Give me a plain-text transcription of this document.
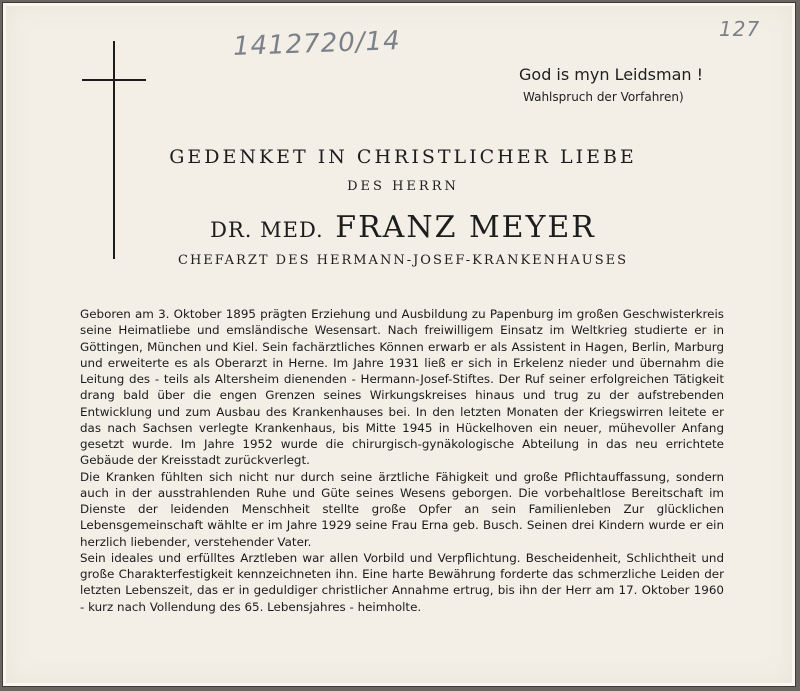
1412720/14	127
God is myn Leidsman !
Wahlspruch der Vorfahren)
GEDENKET IN CHRISTLICHER LIEBE
DES HERRN
DR. MED. FRANZ MEYER
CHEFARZT DES HERMANN-JOSEF-KRANKENHAUSES

Geboren am 3. Oktober 1895 prägten Erziehung und Ausbildung zu Papenburg im großen Geschwisterkreis seine Heimatliebe und emsländische Wesensart. Nach freiwilligem Einsatz im Weltkrieg studierte er in Göttingen, München und Kiel. Sein fachärztliches Können erwarb er als Assistent in Hagen, Berlin, Marburg und erweiterte es als Oberarzt in Herne. Im Jahre 1931 ließ er sich in Erkelenz nieder und übernahm die Leitung des - teils als Altersheim dienenden - Hermann-Josef-Stiftes. Der Ruf seiner erfolgreichen Tätigkeit drang bald über die engen Grenzen seines Wirkungskreises hinaus und trug zu der aufstrebenden Entwicklung und zum Ausbau des Krankenhauses bei. In den letzten Monaten der Kriegswirren leitete er das nach Sachsen verlegte Krankenhaus, bis Mitte 1945 in Hückelhoven ein neuer, mühevoller Anfang gesetzt wurde. Im Jahre 1952 wurde die chirurgisch-gynäkologische Abteilung in das neu errichtete Gebäude der Kreisstadt zurückverlegt.

Die Kranken fühlten sich nicht nur durch seine ärztliche Fähigkeit und große Pflichtauffassung, sondern auch in der ausstrahlenden Ruhe und Güte seines Wesens geborgen. Die vorbehaltlose Bereitschaft im Dienste der leidenden Menschheit stellte große Opfer an sein Familienleben Zur glücklichen Lebensgemeinschaft wählte er im Jahre 1929 seine Frau Erna geb. Busch. Seinen drei Kindern wurde er ein herzlich liebender, verstehender Vater.

Sein ideales und erfülltes Arztleben war allen Vorbild und Verpflichtung. Bescheidenheit, Schlichtheit und große Charakterfestigkeit kennzeichneten ihn. Eine harte Bewährung forderte das schmerzliche Leiden der letzten Lebenszeit, das er in geduldiger christlicher Annahme ertrug, bis ihn der Herr am 17. Oktober 1960 - kurz nach Vollendung des 65. Lebensjahres - heimholte.
